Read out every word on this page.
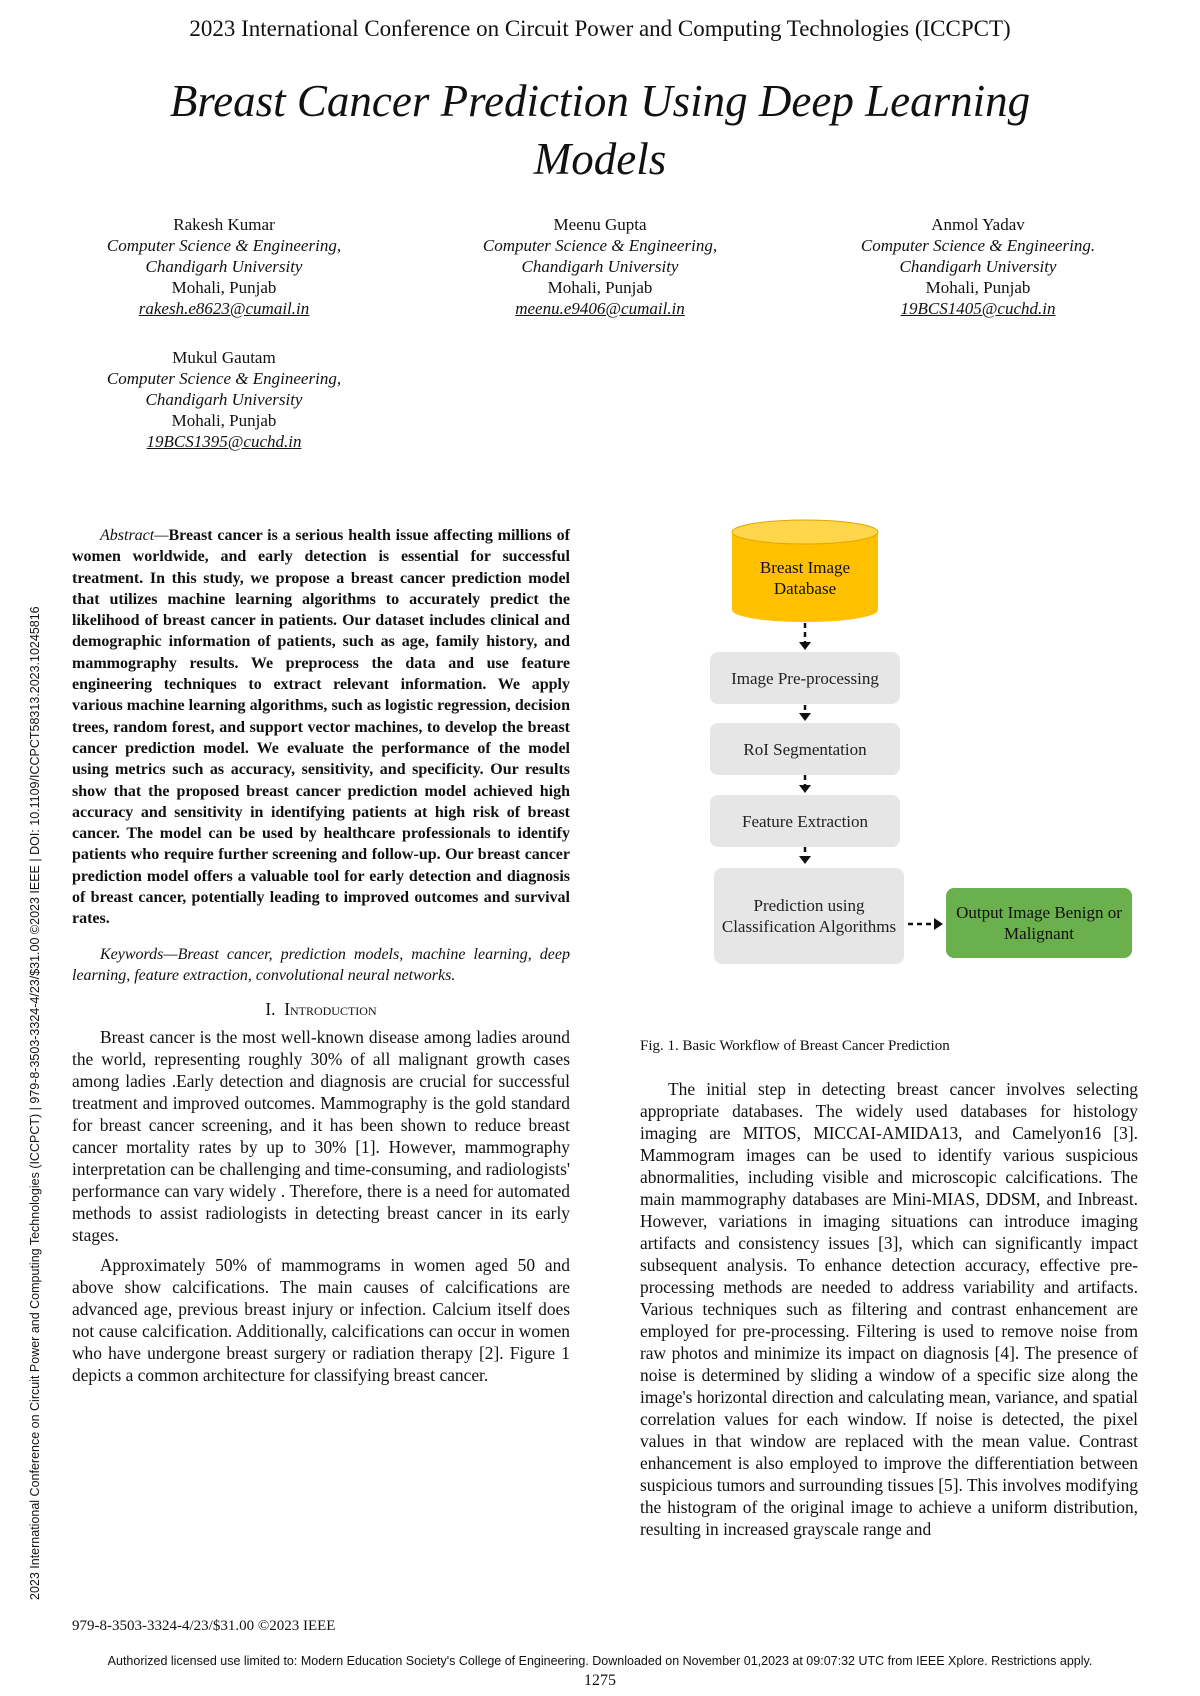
2023 International Conference on Circuit Power and Computing Technologies (ICCPCT)
Breast Cancer Prediction Using Deep Learning Models
Rakesh Kumar
Computer Science & Engineering,
Chandigarh University
Mohali, Punjab
rakesh.e8623@cumail.in
Meenu Gupta
Computer Science & Engineering,
Chandigarh University
Mohali, Punjab
meenu.e9406@cumail.in
Anmol Yadav
Computer Science & Engineering.
Chandigarh University
Mohali, Punjab
19BCS1405@cuchd.in
Mukul Gautam
Computer Science & Engineering,
Chandigarh University
Mohali, Punjab
19BCS1395@cuchd.in
2023 International Conference on Circuit Power and Computing Technologies (ICCPCT) | 979-8-3503-3324-4/23/$31.00 ©2023 IEEE | DOI: 10.1109/ICCPCT58313.2023.10245816
Abstract—Breast cancer is a serious health issue affecting millions of women worldwide, and early detection is essential for successful treatment. In this study, we propose a breast cancer prediction model that utilizes machine learning algorithms to accurately predict the likelihood of breast cancer in patients. Our dataset includes clinical and demographic information of patients, such as age, family history, and mammography results. We preprocess the data and use feature engineering techniques to extract relevant information. We apply various machine learning algorithms, such as logistic regression, decision trees, random forest, and support vector machines, to develop the breast cancer prediction model. We evaluate the performance of the model using metrics such as accuracy, sensitivity, and specificity. Our results show that the proposed breast cancer prediction model achieved high accuracy and sensitivity in identifying patients at high risk of breast cancer. The model can be used by healthcare professionals to identify patients who require further screening and follow-up. Our breast cancer prediction model offers a valuable tool for early detection and diagnosis of breast cancer, potentially leading to improved outcomes and survival rates.
Keywords—Breast cancer, prediction models, machine learning, deep learning, feature extraction, convolutional neural networks.
I. Introduction

Breast cancer is the most well-known disease among ladies around the world, representing roughly 30% of all malignant growth cases among ladies .Early detection and diagnosis are crucial for successful treatment and improved outcomes. Mammography is the gold standard for breast cancer screening, and it has been shown to reduce breast cancer mortality rates by up to 30% [1]. However, mammography interpretation can be challenging and time-consuming, and radiologists' performance can vary widely . Therefore, there is a need for automated methods to assist radiologists in detecting breast cancer in its early stages.

Approximately 50% of mammograms in women aged 50 and above show calcifications. The main causes of calcifications are advanced age, previous breast injury or infection. Calcium itself does not cause calcification. Additionally, calcifications can occur in women who have undergone breast surgery or radiation therapy [2]. Figure 1 depicts a common architecture for classifying breast cancer.

Breast Image Database
Image Pre-processing
RoI Segmentation
Feature Extraction
Prediction using Classification Algorithms
Output Image Benign or Malignant
Fig. 1. Basic Workflow of Breast Cancer Prediction

The initial step in detecting breast cancer involves selecting appropriate databases. The widely used databases for histology imaging are MITOS, MICCAI-AMIDA13, and Camelyon16 [3]. Mammogram images can be used to identify various suspicious abnormalities, including visible and microscopic calcifications. The main mammography databases are Mini-MIAS, DDSM, and Inbreast. However, variations in imaging situations can introduce imaging artifacts and consistency issues [3], which can significantly impact subsequent analysis. To enhance detection accuracy, effective pre-processing methods are needed to address variability and artifacts. Various techniques such as filtering and contrast enhancement are employed for pre-processing. Filtering is used to remove noise from raw photos and minimize its impact on diagnosis [4]. The presence of noise is determined by sliding a window of a specific size along the image's horizontal direction and calculating mean, variance, and spatial correlation values for each window. If noise is detected, the pixel values in that window are replaced with the mean value. Contrast enhancement is also employed to improve the differentiation between suspicious tumors and surrounding tissues [5]. This involves modifying the histogram of the original image to achieve a uniform distribution, resulting in increased grayscale range and

979-8-3503-3324-4/23/$31.00 ©2023 IEEE
Authorized licensed use limited to: Modern Education Society's College of Engineering. Downloaded on November 01,2023 at 09:07:32 UTC from IEEE Xplore. Restrictions apply.
1275
